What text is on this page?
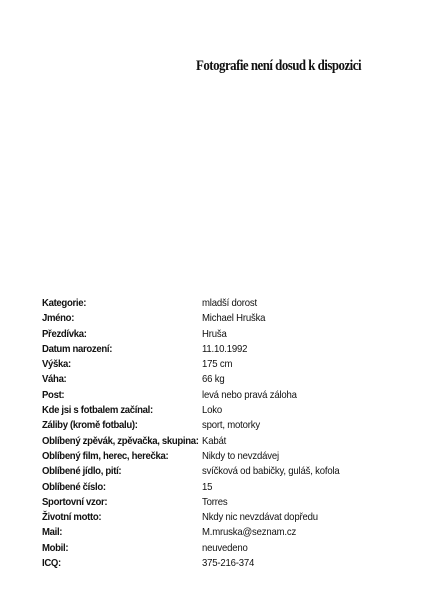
Fotografie není dosud k dispozici
Kategorie:	mladší dorost
Jméno:	Michael Hruška
Přezdívka:	Hruša
Datum narození:	11.10.1992
Výška:	175 cm
Váha:	66 kg
Post:	levá nebo pravá záloha
Kde jsi s fotbalem začínal:	Loko
Záliby (kromě fotbalu):	sport, motorky
Oblíbený zpěvák, zpěvačka, skupina: Kabát
Oblíbený film, herec, herečka:	Nikdy to nevzdávej
Oblíbené jídlo, pití:	svíčková od babičky, guláš, kofola
Oblíbené číslo:	15
Sportovní vzor:	Torres
Životní motto:	Nkdy nic nevzdávat dopředu
Mail:	M.mruska@seznam.cz
Mobil:	neuvedeno
ICQ:	375-216-374
